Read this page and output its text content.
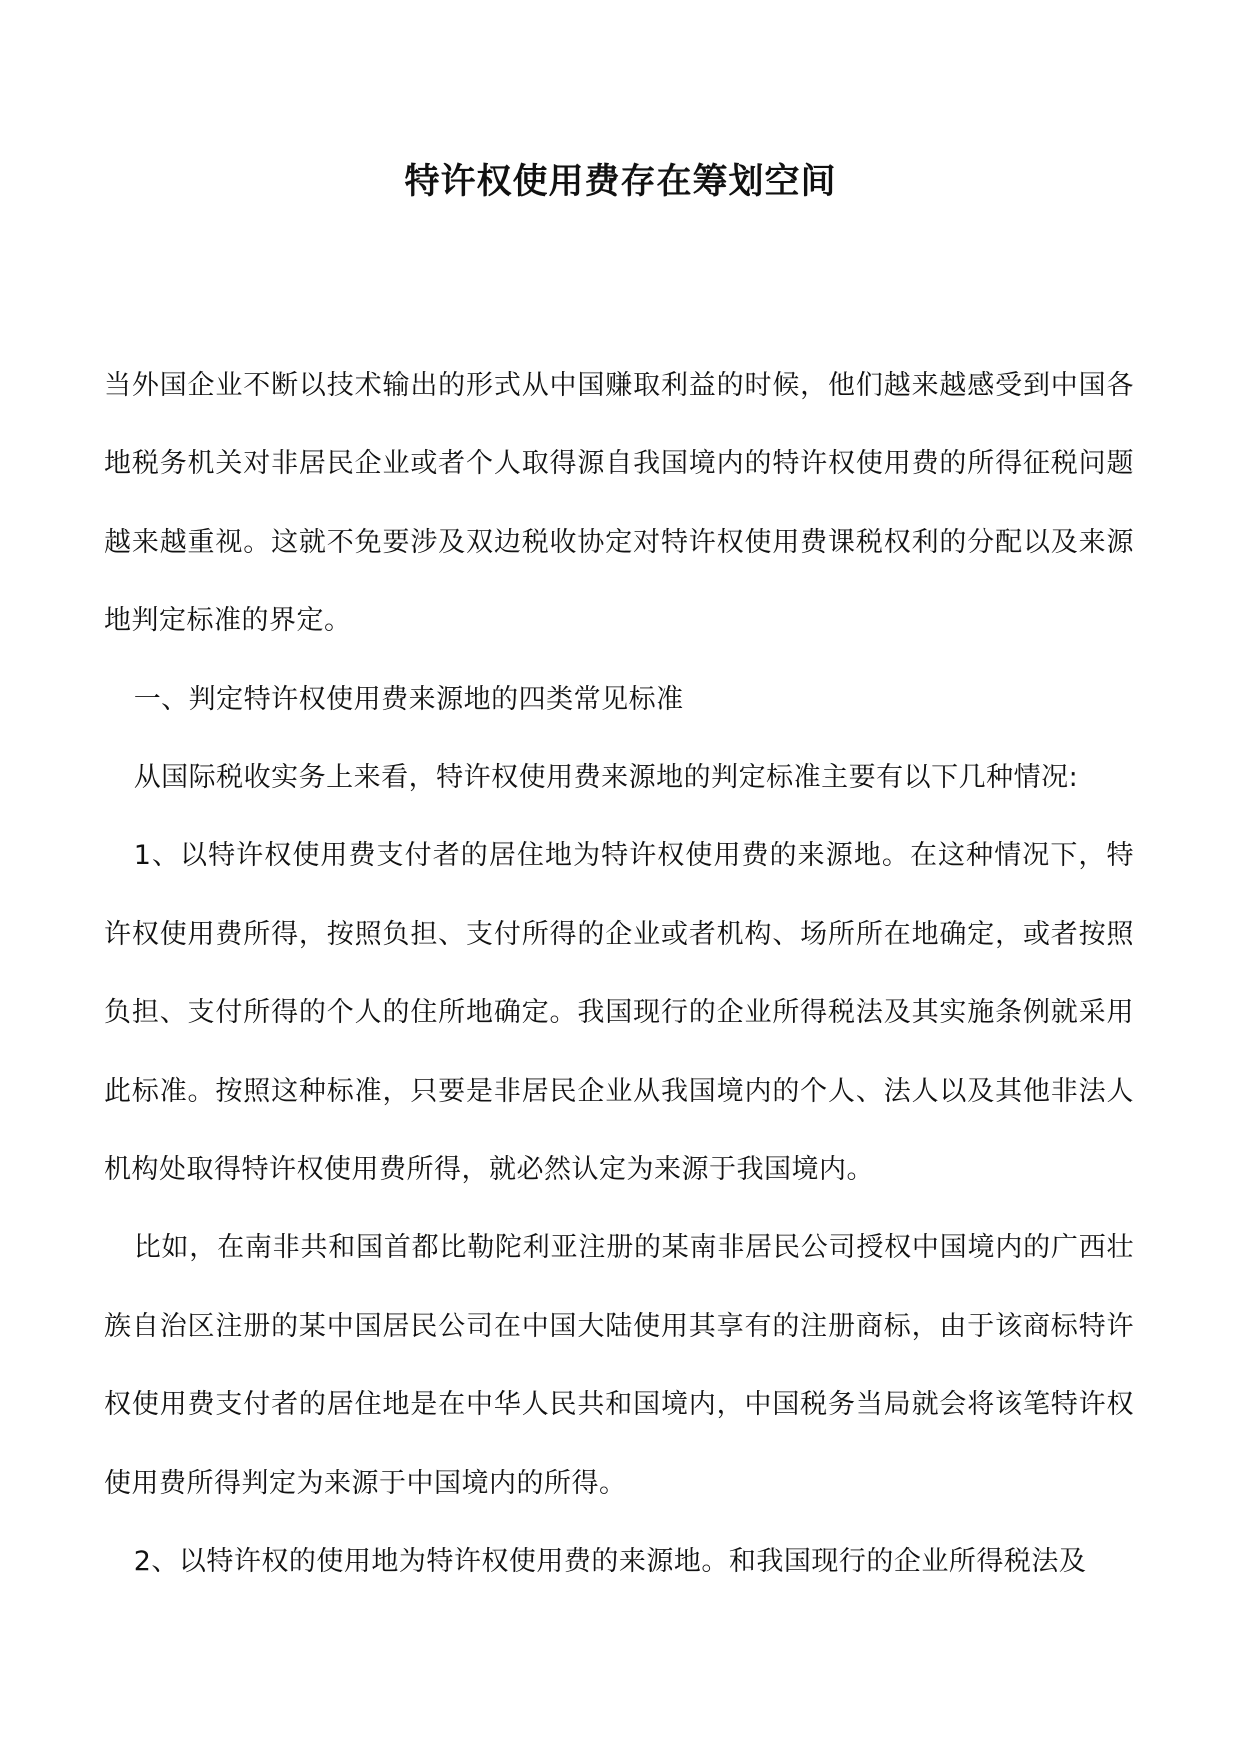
特许权使用费存在筹划空间

当外国企业不断以技术输出的形式从中国赚取利益的时候，他们越来越感受到中国各地税务机关对非居民企业或者个人取得源自我国境内的特许权使用费的所得征税问题越来越重视。这就不免要涉及双边税收协定对特许权使用费课税权利的分配以及来源地判定标准的界定。

一、判定特许权使用费来源地的四类常见标准

从国际税收实务上来看，特许权使用费来源地的判定标准主要有以下几种情况:

1、以特许权使用费支付者的居住地为特许权使用费的来源地。在这种情况下，特许权使用费所得，按照负担、支付所得的企业或者机构、场所所在地确定，或者按照负担、支付所得的个人的住所地确定。我国现行的企业所得税法及其实施条例就采用此标准。按照这种标准，只要是非居民企业从我国境内的个人、法人以及其他非法人机构处取得特许权使用费所得，就必然认定为来源于我国境内。

比如，在南非共和国首都比勒陀利亚注册的某南非居民公司授权中国境内的广西壮族自治区注册的某中国居民公司在中国大陆使用其享有的注册商标，由于该商标特许权使用费支付者的居住地是在中华人民共和国境内，中国税务当局就会将该笔特许权使用费所得判定为来源于中国境内的所得。

2、以特许权的使用地为特许权使用费的来源地。和我国现行的企业所得税法及
